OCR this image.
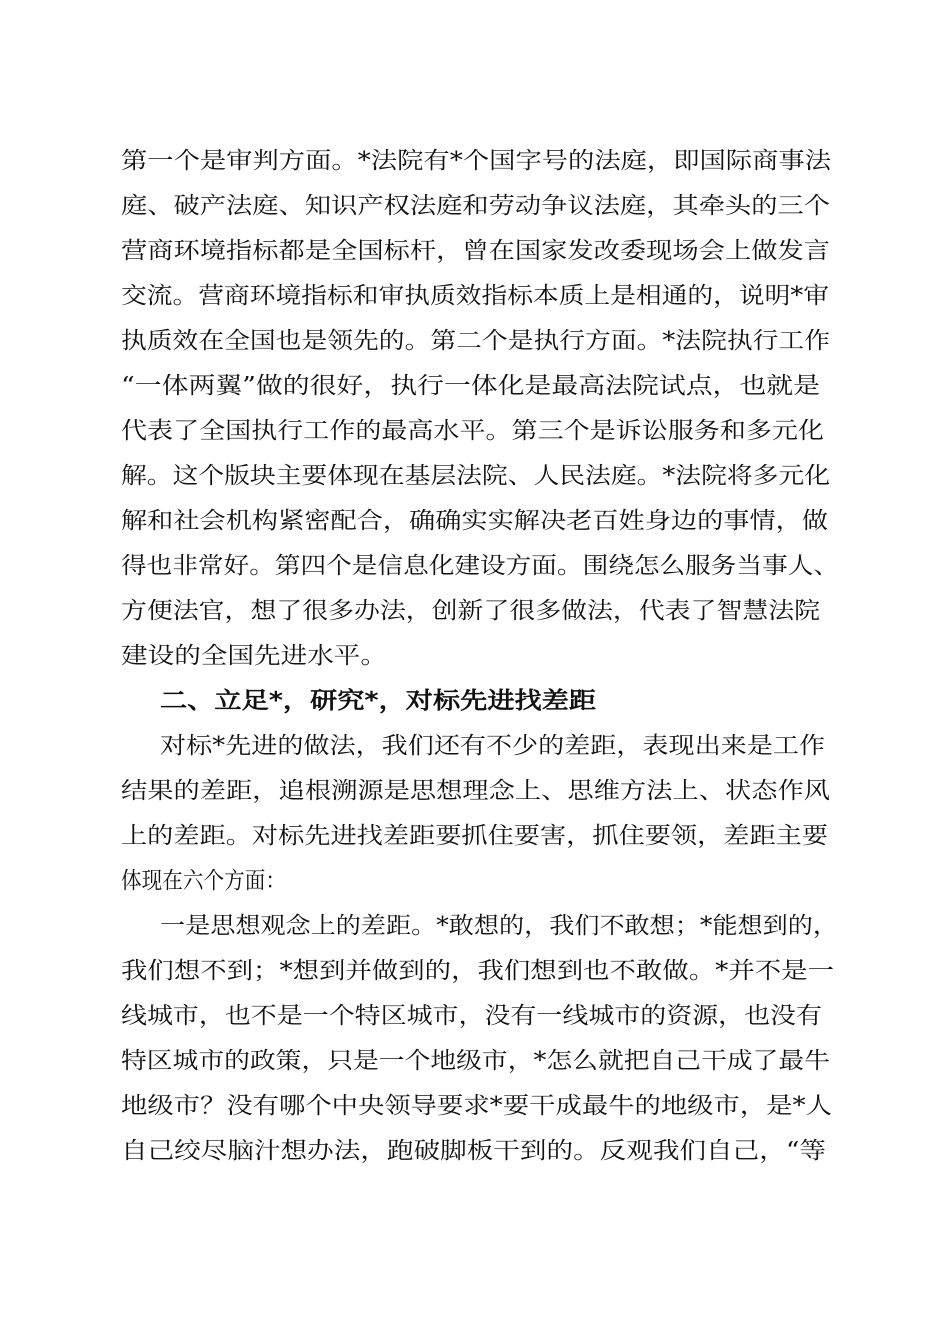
第一个是审判方面。*法院有*个国字号的法庭，即国际商事法

庭、破产法庭、知识产权法庭和劳动争议法庭，其牵头的三个

营商环境指标都是全国标杆，曾在国家发改委现场会上做发言

交流。营商环境指标和审执质效指标本质上是相通的，说明*审

执质效在全国也是领先的。第二个是执行方面。*法院执行工作

“一体两翼”做的很好，执行一体化是最高法院试点，也就是

代表了全国执行工作的最高水平。第三个是诉讼服务和多元化

解。这个版块主要体现在基层法院、人民法庭。*法院将多元化

解和社会机构紧密配合，确确实实解决老百姓身边的事情，做

得也非常好。第四个是信息化建设方面。围绕怎么服务当事人、

方便法官，想了很多办法，创新了很多做法，代表了智慧法院

建设的全国先进水平。

二、立足*，研究*，对标先进找差距

对标*先进的做法，我们还有不少的差距，表现出来是工作

结果的差距，追根溯源是思想理念上、思维方法上、状态作风

上的差距。对标先进找差距要抓住要害，抓住要领，差距主要

体现在六个方面：

一是思想观念上的差距。*敢想的，我们不敢想；*能想到的，

我们想不到；*想到并做到的，我们想到也不敢做。*并不是一

线城市，也不是一个特区城市，没有一线城市的资源，也没有

特区城市的政策，只是一个地级市，*怎么就把自己干成了最牛

地级市？没有哪个中央领导要求*要干成最牛的地级市，是*人

自己绞尽脑汁想办法，跑破脚板干到的。反观我们自己，“等
